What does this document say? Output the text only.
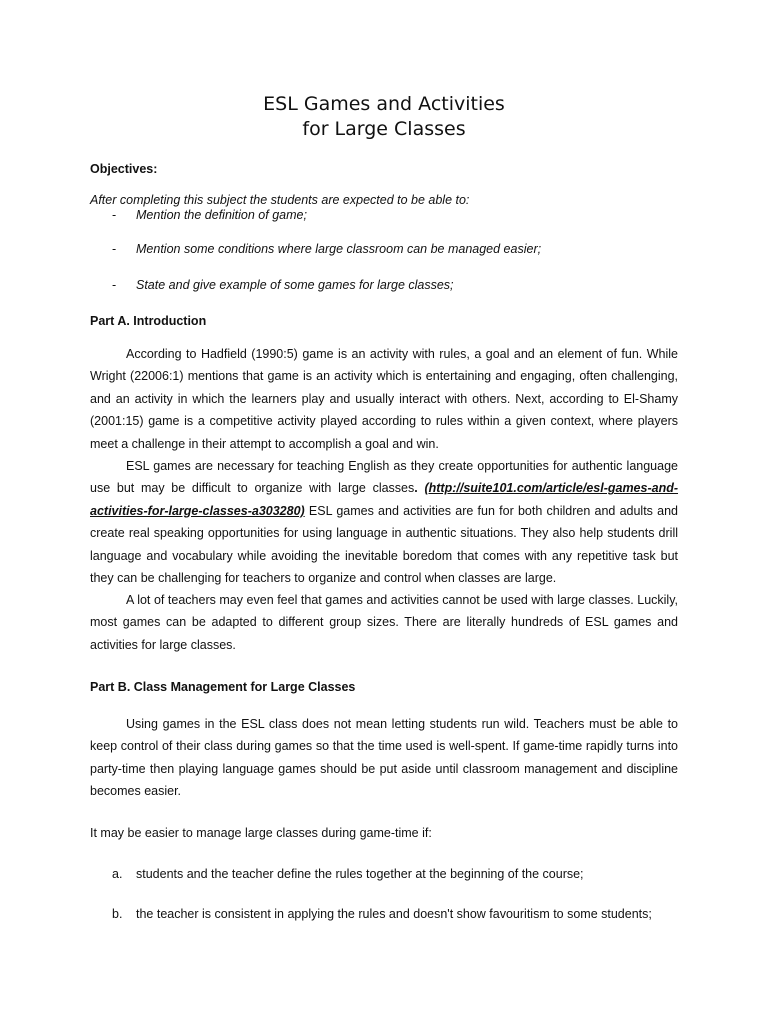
ESL Games and Activities
for Large Classes
Objectives:
After completing this subject the students are expected to be able to:
- Mention the definition of game;
- Mention some conditions where large classroom can be managed easier;
- State and give example of some games for large classes;
Part A. Introduction

According to Hadfield (1990:5) game is an activity with rules, a goal and an element of fun. While Wright (22006:1) mentions that game is an activity which is entertaining and engaging, often challenging, and an activity in which the learners play and usually interact with others. Next, according to El-Shamy (2001:15) game is a competitive activity played according to rules within a given context, where players meet a challenge in their attempt to accomplish a goal and win.

ESL games are necessary for teaching English as they create opportunities for authentic language use but may be difficult to organize with large classes. (http://suite101.com/article/esl-games-and-activities-for-large-classes-a303280) ESL games and activities are fun for both children and adults and create real speaking opportunities for using language in authentic situations. They also help students drill language and vocabulary while avoiding the inevitable boredom that comes with any repetitive task but they can be challenging for teachers to organize and control when classes are large.

A lot of teachers may even feel that games and activities cannot be used with large classes. Luckily, most games can be adapted to different group sizes. There are literally hundreds of ESL games and activities for large classes.

Part B. Class Management for Large Classes

Using games in the ESL class does not mean letting students run wild. Teachers must be able to keep control of their class during games so that the time used is well-spent. If game-time rapidly turns into party-time then playing language games should be put aside until classroom management and discipline becomes easier.

It may be easier to manage large classes during game-time if:
a. students and the teacher define the rules together at the beginning of the course;
b. the teacher is consistent in applying the rules and doesn't show favouritism to some students;
